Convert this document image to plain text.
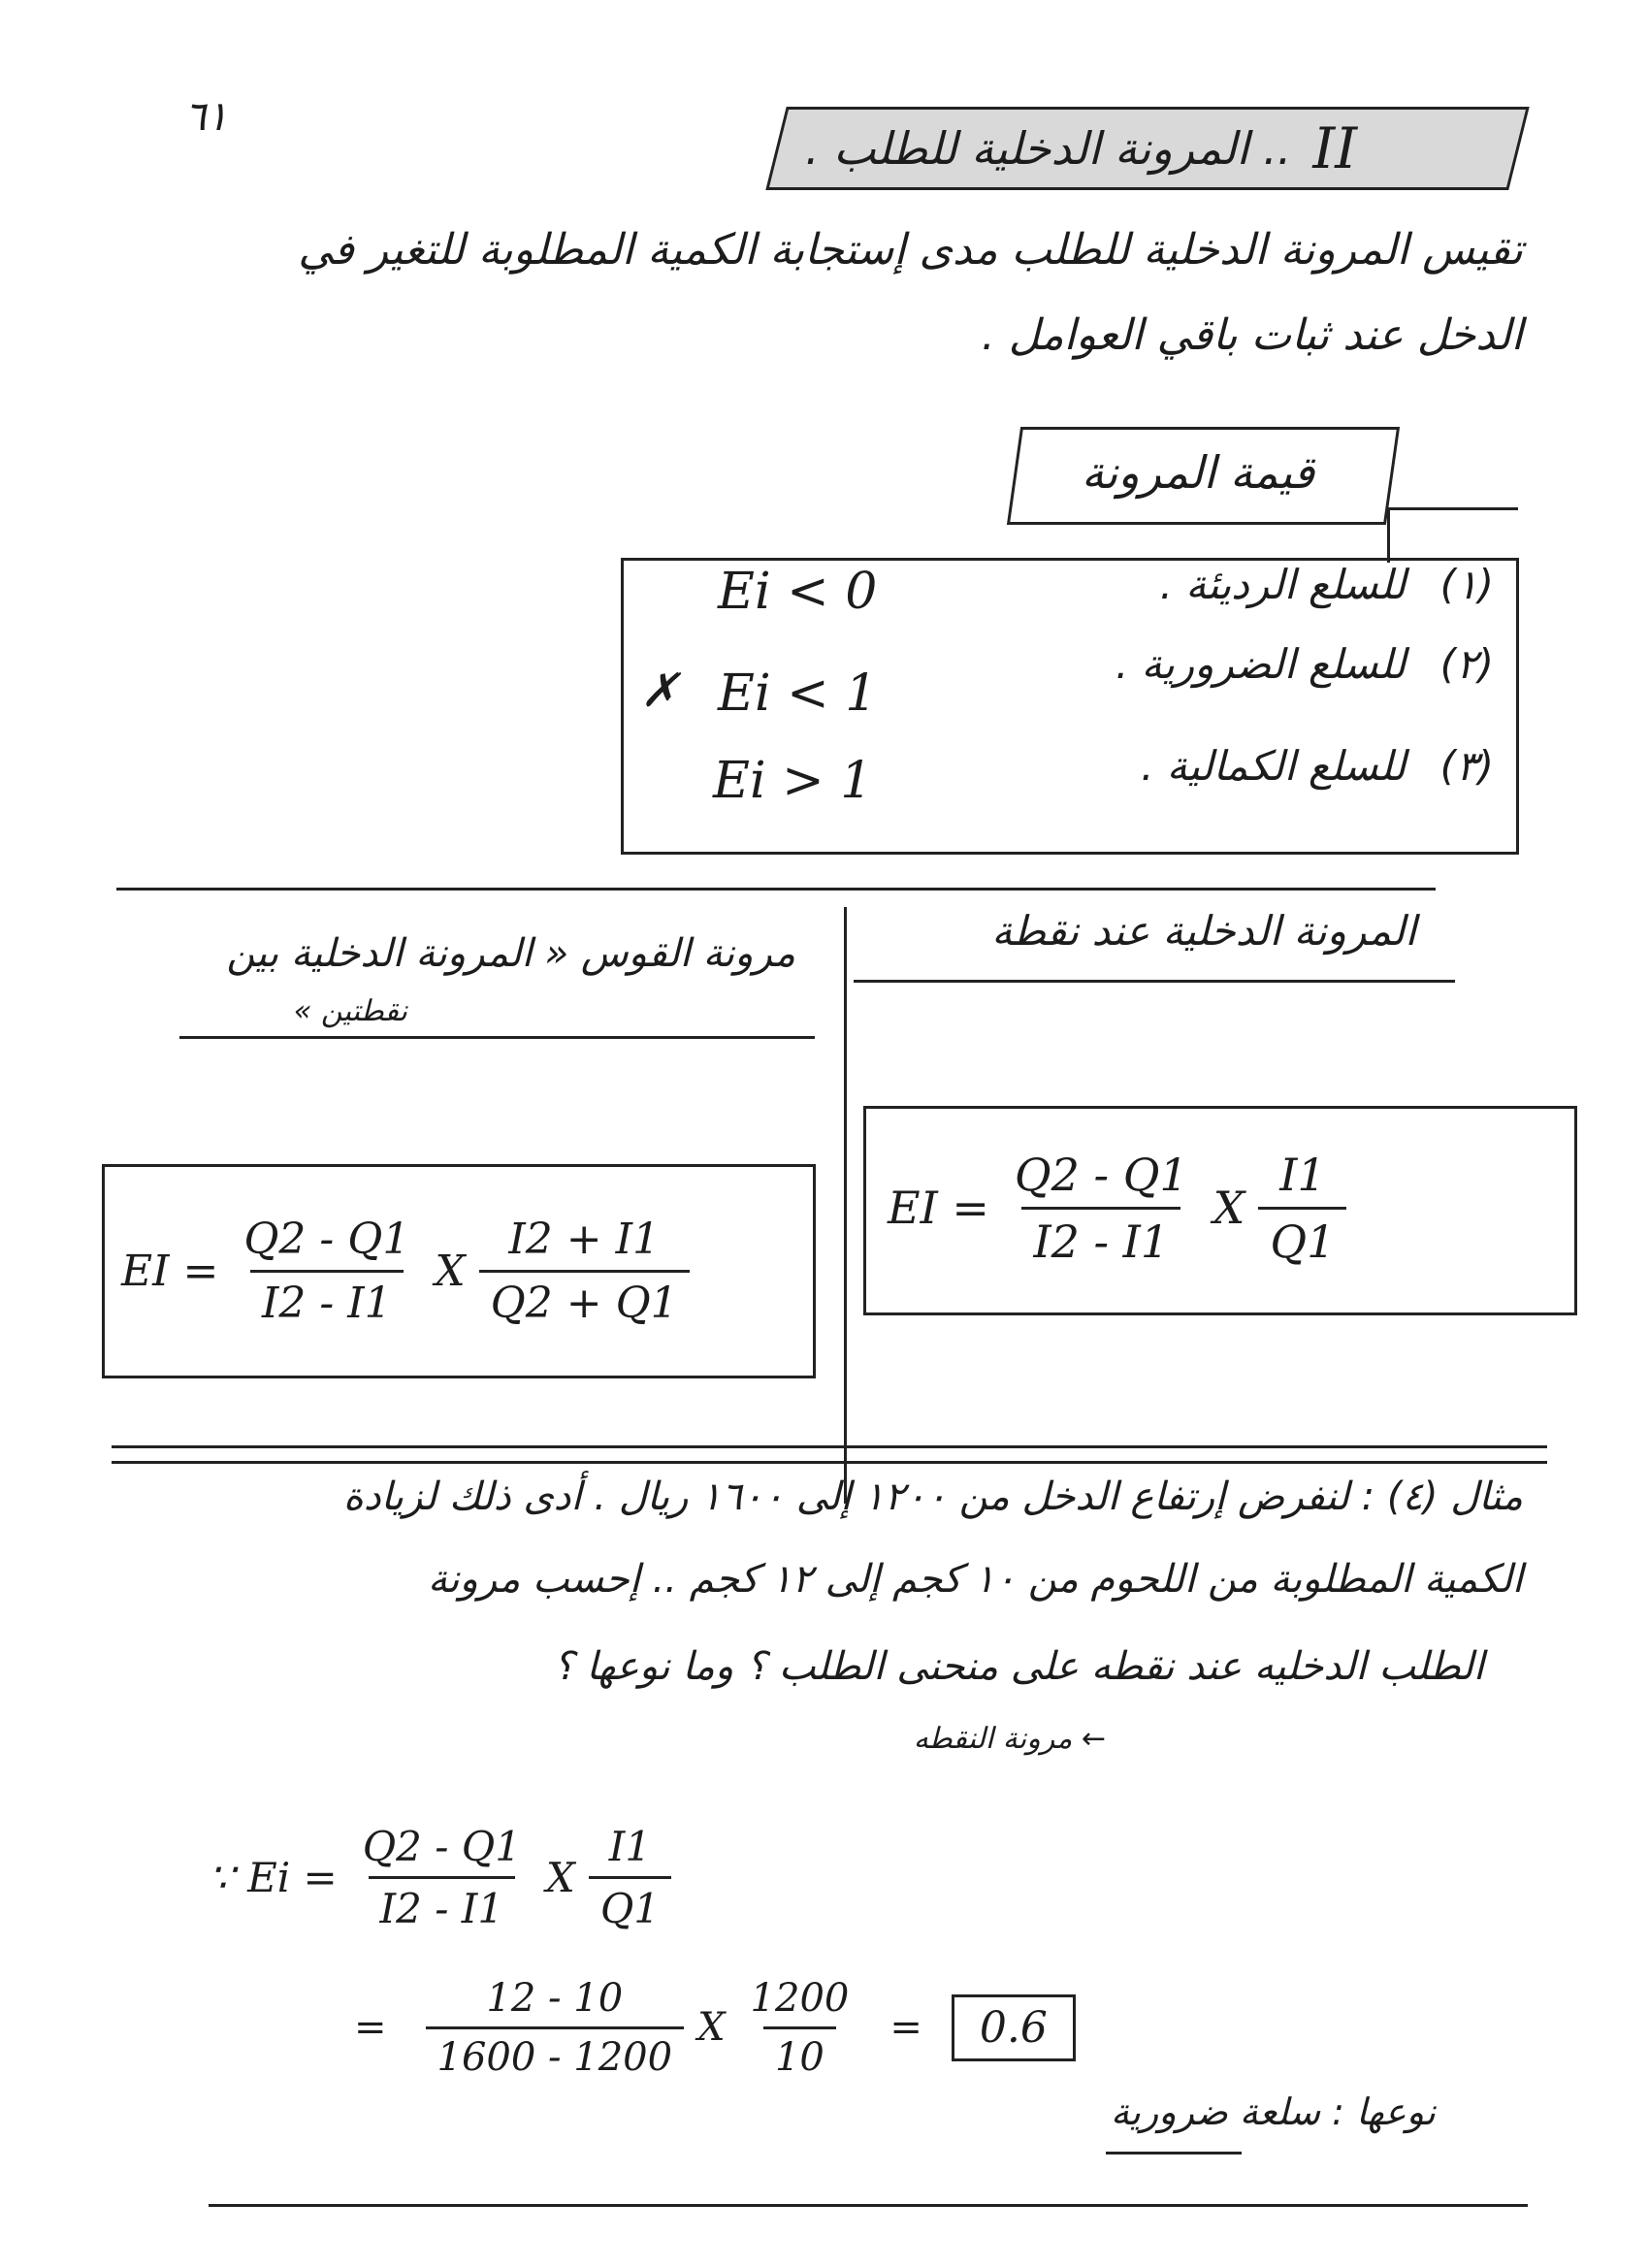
٦١	II
.. المرونة الدخلية للطلب .
تقيس المرونة الدخلية للطلب مدى إستجابة الكمية المطلوبة للتغير في
الدخل عند ثبات باقي العوامل .
قيمة المرونة
(١) للسلع الرديئة .
Ei < 0
(٢) للسلع الضرورية .
✗ Ei < 1
(٣) للسلع الكمالية .
Ei > 1
المرونة الدخلية عند نقطة
مرونة القوس « المرونة الدخلية بين
نقطتين »
EI = $\frac{Q2 - Q1}{I2 - I1}$ X $\frac{I1}{Q1}$
EI = $\frac{Q2 - Q1}{I2 - I1}$ X $\frac{I2 + I1}{Q2 + Q1}$
مثال (٤) : لنفرض إرتفاع الدخل من ١٢٠٠ إلى ١٦٠٠ ريال . أدى ذلك لزيادة
الكمية المطلوبة من اللحوم من ١٠ كجم إلى ١٢ كجم .. إحسب مرونة
الطلب الدخليه عند نقطه على منحنى الطلب ؟ وما نوعها ؟
← مرونة النقطه
∵ $Ei = \frac{Q2 - Q1}{I2 - I1}$ X $\frac{I1}{Q1}$
= $\frac{12 - 10}{1600 - 1200}$ X $\frac{1200}{10}$ =	0.6
نوعها : سلعة ضرورية
